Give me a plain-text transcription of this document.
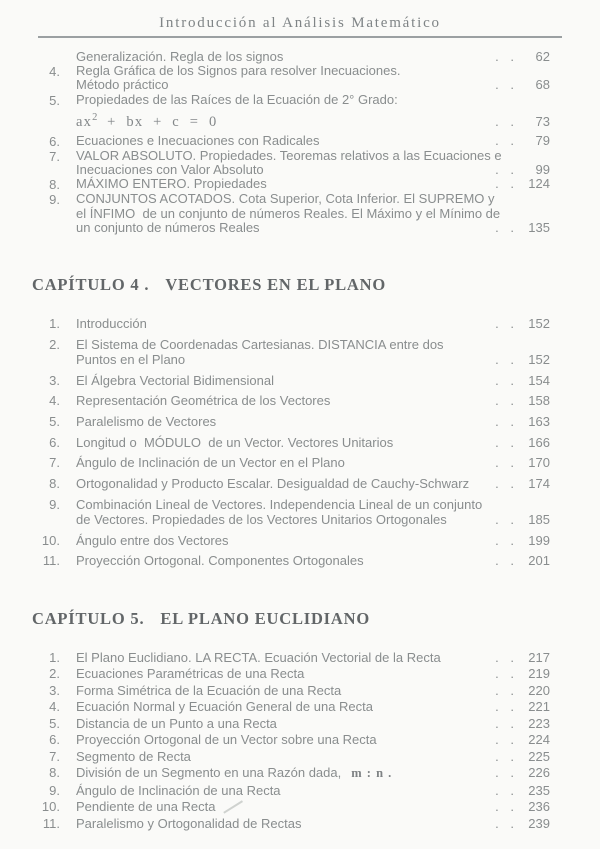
Introducción al Análisis Matemático
Generalización. Regla de los signos	. .	62
4. Regla Gráfica de los Signos para resolver Inecuaciones.
Método práctico	. .	68
5. Propiedades de las Raíces de la Ecuación de 2° Grado:
$ax^2$ + bx + c = 0	. .	73
6. Ecuaciones e Inecuaciones con Radicales	. .	79
7. VALOR ABSOLUTO. Propiedades. Teoremas relativos a las Ecuaciones e
Inecuaciones con Valor Absoluto	. .	99
8. MÁXIMO ENTERO. Propiedades	. . 124
9. CONJUNTOS ACOTADOS. Cota Superior, Cota Inferior. El SUPREMO y
el ÍNFIMO  de un conjunto de números Reales. El Máximo y el Mínimo de
un conjunto de números Reales	. . 135
CAPÍTULO 4 . VECTORES EN EL PLANO
1. Introducción	. . 152
2. El Sistema de Coordenadas Cartesianas. DISTANCIA entre dos
Puntos en el Plano	. . 152
3. El Álgebra Vectorial Bidimensional	. . 154
4. Representación Geométrica de los Vectores	. . 158
5. Paralelismo de Vectores	. . 163
6. Longitud o  MÓDULO  de un Vector. Vectores Unitarios	. . 166
7. Ángulo de Inclinación de un Vector en el Plano	. . 170
8. Ortogonalidad y Producto Escalar. Desigualdad de Cauchy-Schwarz . . 174
9. Combinación Lineal de Vectores. Independencia Lineal de un conjunto
de Vectores. Propiedades de los Vectores Unitarios Ortogonales	. . 185
10. Ángulo entre dos Vectores	. . 199
11. Proyección Ortogonal. Componentes Ortogonales	. . 201
CAPÍTULO 5. EL PLANO EUCLIDIANO
1. El Plano Euclidiano. LA RECTA. Ecuación Vectorial de la Recta	. . 217
2. Ecuaciones Paramétricas de una Recta	. . 219
3. Forma Simétrica de la Ecuación de una Recta	. . 220
4. Ecuación Normal y Ecuación General de una Recta	. . 221
5. Distancia de un Punto a una Recta	. . 223
6. Proyección Ortogonal de un Vector sobre una Recta	. . 224
7. Segmento de Recta	. . 225
8. División de un Segmento en una Razón dada, m : n .	. . 226
9. Ángulo de Inclinación de una Recta	. . 235
10. Pendiente de una Recta	. . 236
11. Paralelismo y Ortogonalidad de Rectas	. . 239
